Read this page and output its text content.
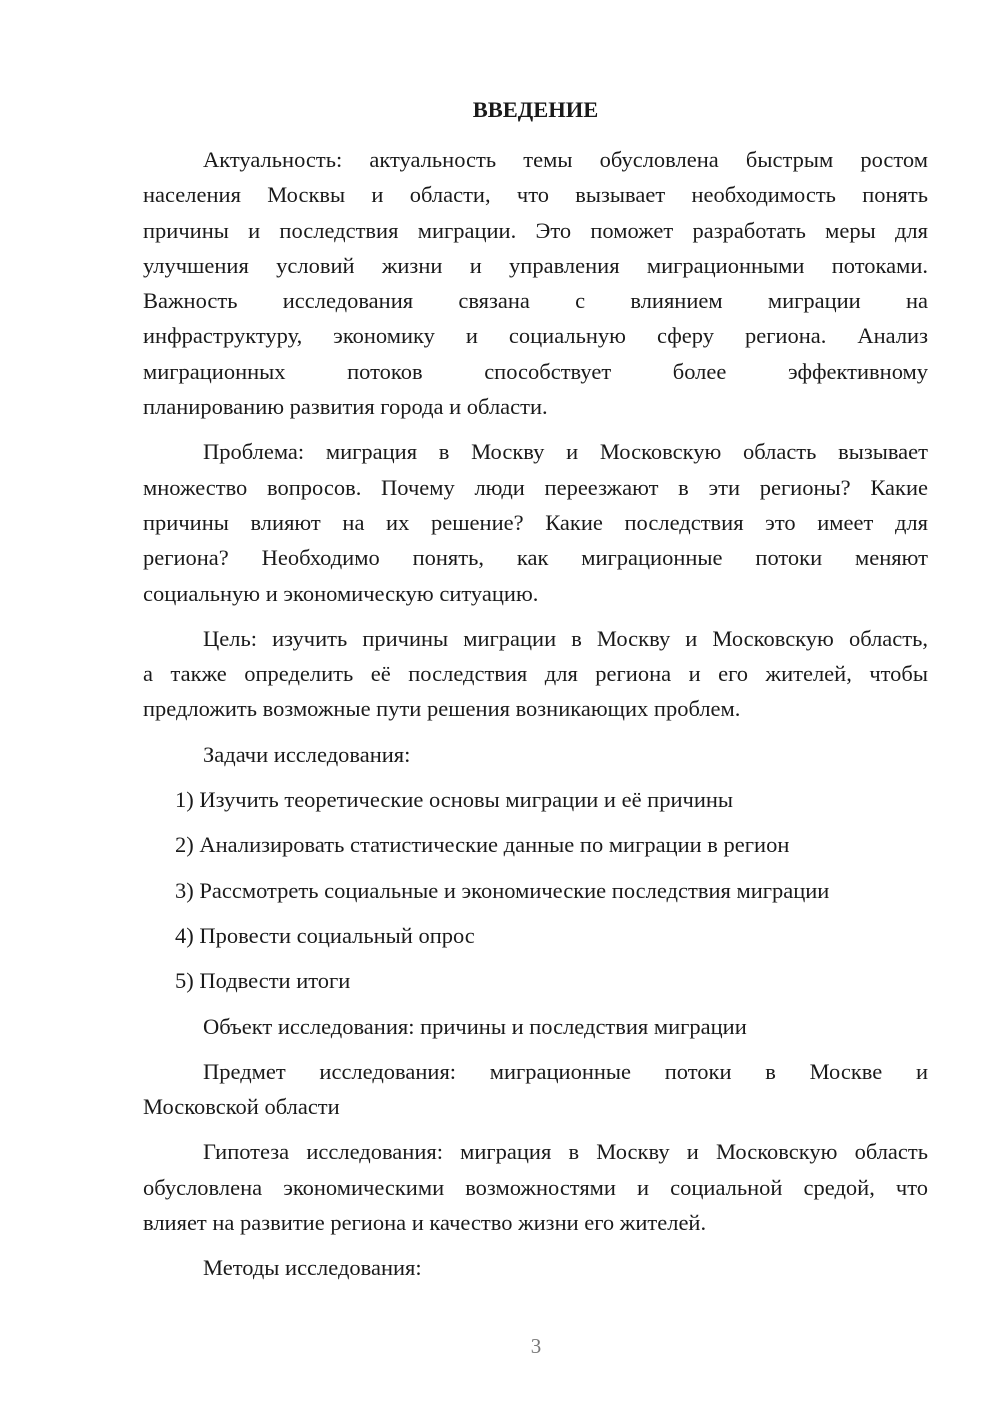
ВВЕДЕНИЕ
Актуальность: актуальность темы обусловлена быстрым ростом
населения Москвы и области, что вызывает необходимость понять
причины и последствия миграции. Это поможет разработать меры для
улучшения условий жизни и управления миграционными потоками.
Важность исследования связана с влиянием миграции на
инфраструктуру, экономику и социальную сферу региона. Анализ
миграционных потоков способствует более эффективному
планированию развития города и области.
Проблема: миграция в Москву и Московскую область вызывает
множество вопросов. Почему люди переезжают в эти регионы? Какие
причины влияют на их решение? Какие последствия это имеет для
региона? Необходимо понять, как миграционные потоки меняют
социальную и экономическую ситуацию.
Цель: изучить причины миграции в Москву и Московскую область,
а также определить её последствия для региона и его жителей, чтобы
предложить возможные пути решения возникающих проблем.
Задачи исследования:
1) Изучить теоретические основы миграции и её причины
2) Анализировать статистические данные по миграции в регион
3) Рассмотреть социальные и экономические последствия миграции
4) Провести социальный опрос
5) Подвести итоги
Объект исследования: причины и последствия миграции
Предмет исследования: миграционные потоки в Москве и
Московской области
Гипотеза исследования: миграция в Москву и Московскую область
обусловлена экономическими возможностями и социальной средой, что
влияет на развитие региона и качество жизни его жителей.
Методы исследования:
3
